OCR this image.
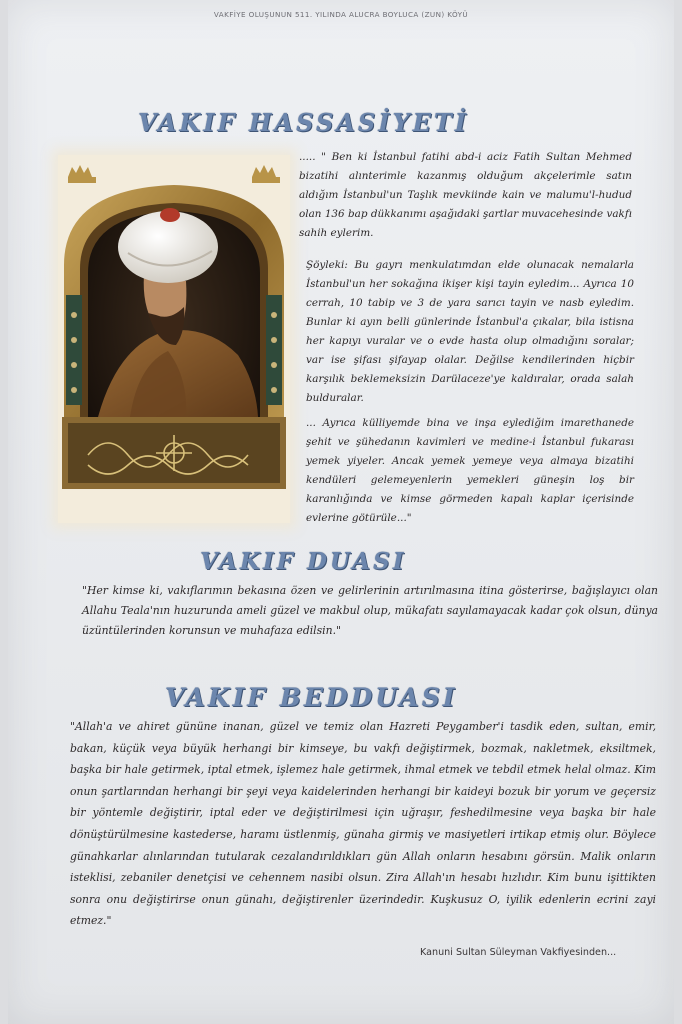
VAKFİYE OLUŞUNUN 511. YILINDA ALUCRA BOYLUCA (ZUN) KÖYÜ
VAKIF HASSASİYETİ
..... " Ben ki İstanbul fatihi abd-i aciz Fatih Sultan Mehmed bizatihi alınterimle kazanmış olduğum akçelerimle satın aldığım İstanbul'un Taşlık mevkiinde kain ve malumu'l-hudud olan 136 bap dükkanımı aşağıdaki şartlar muvacehesinde vakfı sahih eylerim.
Şöyleki: Bu gayrı menkulatımdan elde olunacak nemalarla İstanbul'un her sokağına ikişer kişi tayin eyledim... Ayrıca 10 cerrah, 10 tabip ve 3 de yara sarıcı tayin ve nasb eyledim. Bunlar ki ayın belli günlerinde İstanbul'a çıkalar, bila istisna her kapıyı vuralar ve o evde hasta olup olmadığını soralar; var ise şifası şifayap olalar. Değilse kendilerinden hiçbir karşılık beklemeksizin Darülaceze'ye kaldıralar, orada salah bulduralar.
... Ayrıca külliyemde bina ve inşa eylediğim imarethanede şehit ve şühedanın kavimleri ve medine-i İstanbul fukarası yemek yiyeler. Ancak yemek yemeye veya almaya bizatihi kendüleri gelemeyenlerin yemekleri güneşin loş bir karanlığında ve kimse görmeden kapalı kaplar içerisinde evlerine götürüle..."
VAKIF DUASI
"Her kimse ki, vakıflarımın bekasına özen ve gelirlerinin artırılmasına itina gösterirse, bağışlayıcı olan Allahu Teala'nın huzurunda ameli güzel ve makbul olup, mükafatı sayılamayacak kadar çok olsun, dünya üzüntülerinden korunsun ve muhafaza edilsin."
VAKIF BEDDUASI
"Allah'a ve ahiret gününe inanan, güzel ve temiz olan Hazreti Peygamber'i tasdik eden, sultan, emir, bakan, küçük veya büyük herhangi bir kimseye, bu vakfı değiştirmek, bozmak, nakletmek, eksiltmek, başka bir hale getirmek, iptal etmek, işlemez hale getirmek, ihmal etmek ve tebdil etmek helal olmaz. Kim onun şartlarından herhangi bir şeyi veya kaidelerinden herhangi bir kaideyi bozuk bir yorum ve geçersiz bir yöntemle değiştirir, iptal eder ve değiştirilmesi için uğraşır, feshedilmesine veya başka bir hale dönüştürülmesine kastederse, haramı üstlenmiş, günaha girmiş ve masiyetleri irtikap etmiş olur. Böylece günahkarlar alınlarından tutularak cezalandırıldıkları gün Allah onların hesabını görsün. Malik onların isteklisi, zebaniler denetçisi ve cehennem nasibi olsun. Zira Allah'ın hesabı hızlıdır. Kim bunu işittikten sonra onu değiştirirse onun günahı, değiştirenler üzerindedir. Kuşkusuz O, iyilik edenlerin ecrini zayi etmez."
Kanuni Sultan Süleyman Vakfiyesinden...
